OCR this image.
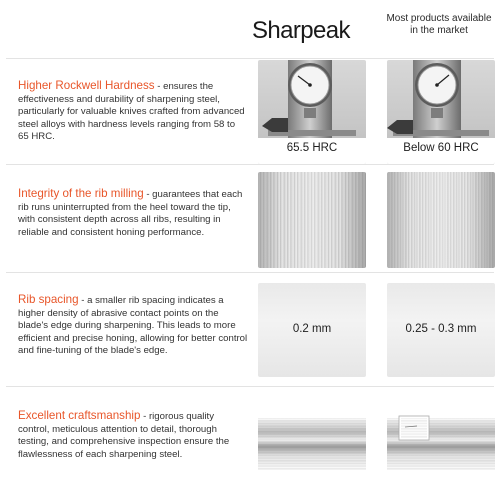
Sharpeak	Most products available in the market
Higher Rockwell Hardness - ensures the effectiveness and durability of sharpening steel, particularly for valuable knives crafted from advanced steel alloys with hardness levels ranging from 58 to 65 HRC.
65.5 HRC	Below 60 HRC
Integrity of the rib milling - guarantees that each rib runs uninterrupted from the heel toward the tip, with consistent depth across all ribs, resulting in reliable and consistent honing performance.
Rib spacing - a smaller rib spacing indicates a higher density of abrasive contact points on the blade's edge during sharpening. This leads to more efficient and precise honing, allowing for better control and fine-tuning of the blade's edge.
0.2 mm	0.25 - 0.3 mm
Excellent craftsmanship - rigorous quality control, meticulous attention to detail, thorough testing, and comprehensive inspection ensure the flawlessness of each sharpening steel.
